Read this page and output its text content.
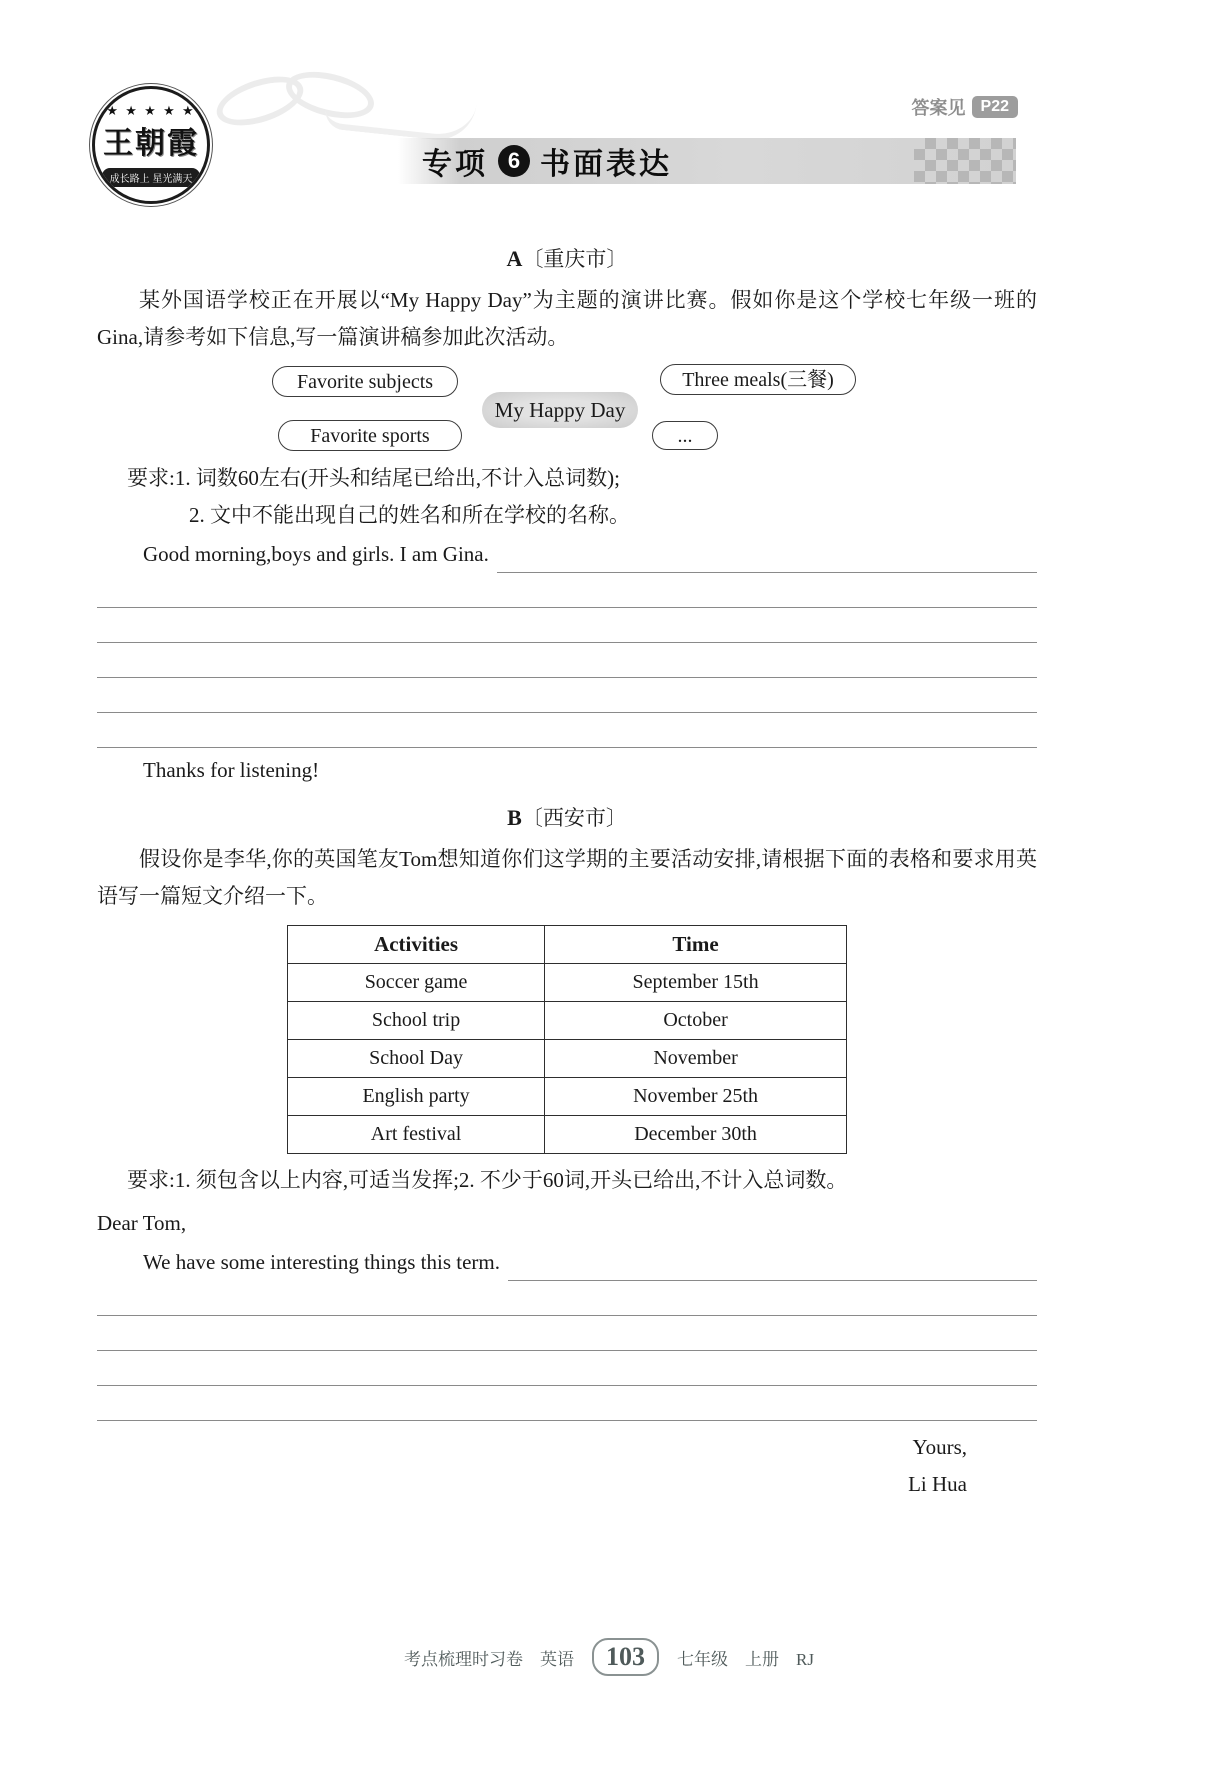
★ ★ ★ ★ ★
王朝霞
成长路上 星光满天
答案见 P22
专项 6 书面表达
A〔重庆市〕
某外国语学校正在开展以“My Happy Day”为主题的演讲比赛。假如你是这个学校七年级一班的 Gina,请参考如下信息,写一篇演讲稿参加此次活动。
Favorite subjects	Three meals(三餐)
My Happy Day
Favorite sports	...
要求:1. 词数60左右(开头和结尾已给出,不计入总词数);
2. 文中不能出现自己的姓名和所在学校的名称。
Good morning,boys and girls. I am Gina.
Thanks for listening!
B〔西安市〕
假设你是李华,你的英国笔友Tom想知道你们这学期的主要活动安排,请根据下面的表格和要求用英语写一篇短文介绍一下。
Activities	Time
Soccer game	September 15th
School trip	October
School Day	November
English party	November 25th
Art festival	December 30th
要求:1. 须包含以上内容,可适当发挥;2. 不少于60词,开头已给出,不计入总词数。
Dear Tom,
We have some interesting things this term.
Yours,
Li Hua
考点梳理时习卷　英语	103	七年级　上册　RJ
